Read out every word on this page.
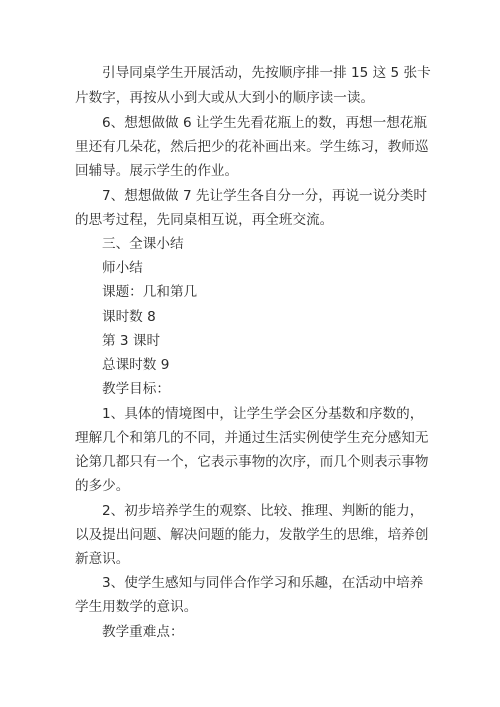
引导同桌学生开展活动，先按顺序排一排 15 这 5 张卡
片数字，再按从小到大或从大到小的顺序读一读。
6、想想做做 6 让学生先看花瓶上的数，再想一想花瓶
里还有几朵花，然后把少的花补画出来。学生练习，教师巡
回辅导。展示学生的作业。
7、想想做做 7 先让学生各自分一分，再说一说分类时
的思考过程，先同桌相互说，再全班交流。
三、全课小结
师小结
课题：几和第几
课时数 8
第 3 课时
总课时数 9
教学目标：
1、具体的情境图中，让学生学会区分基数和序数的，
理解几个和第几的不同，并通过生活实例使学生充分感知无
论第几都只有一个，它表示事物的次序，而几个则表示事物
的多少。
2、初步培养学生的观察、比较、推理、判断的能力，
以及提出问题、解决问题的能力，发散学生的思维，培养创
新意识。
3、使学生感知与同伴合作学习和乐趣，在活动中培养
学生用数学的意识。
教学重难点：
